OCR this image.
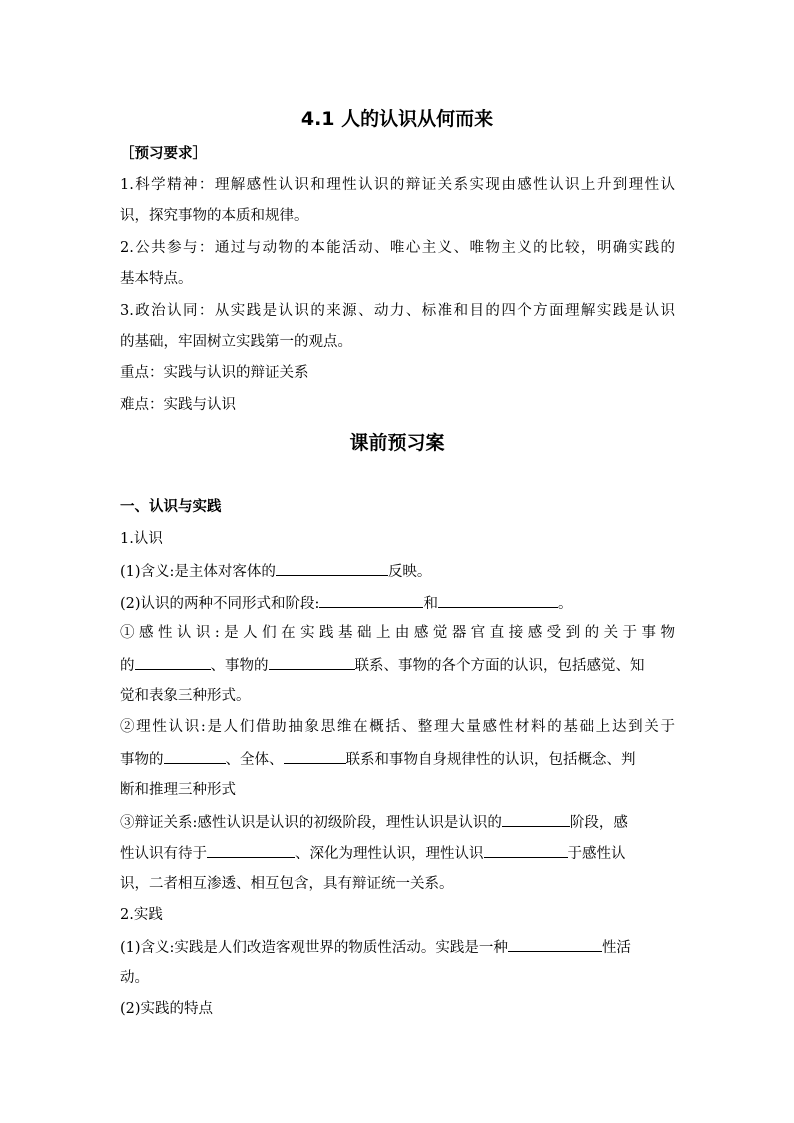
4.1 人的认识从何而来
［预习要求］
1.科学精神：理解感性认识和理性认识的辩证关系实现由感性认识上升到理性认
识，探究事物的本质和规律。
2.公共参与：通过与动物的本能活动、唯心主义、唯物主义的比较，明确实践的
基本特点。
3.政治认同：从实践是认识的来源、动力、标准和目的四个方面理解实践是认识
的基础，牢固树立实践第一的观点。
重点：实践与认识的辩证关系
难点：实践与认识
课前预习案
一、认识与实践
1.认识
(1)含义:是主体对客体的	反映。
(2)认识的两种不同形式和阶段:	和	。
①感性认识:是人们在实践基础上由感觉器官直接感受到的关于事物
的	、事物的	联系、事物的各个方面的认识，包括感觉、知
觉和表象三种形式。
②理性认识:是人们借助抽象思维在概括、整理大量感性材料的基础上达到关于
事物的	、全体、	联系和事物自身规律性的认识，包括概念、判
断和推理三种形式
③辩证关系:感性认识是认识的初级阶段，理性认识是认识的	阶段，感
性认识有待于	、深化为理性认识，理性认识	于感性认
识，二者相互渗透、相互包含，具有辩证统一关系。
2.实践
(1)含义:实践是人们改造客观世界的物质性活动。实践是一种	性活
动。
(2)实践的特点
